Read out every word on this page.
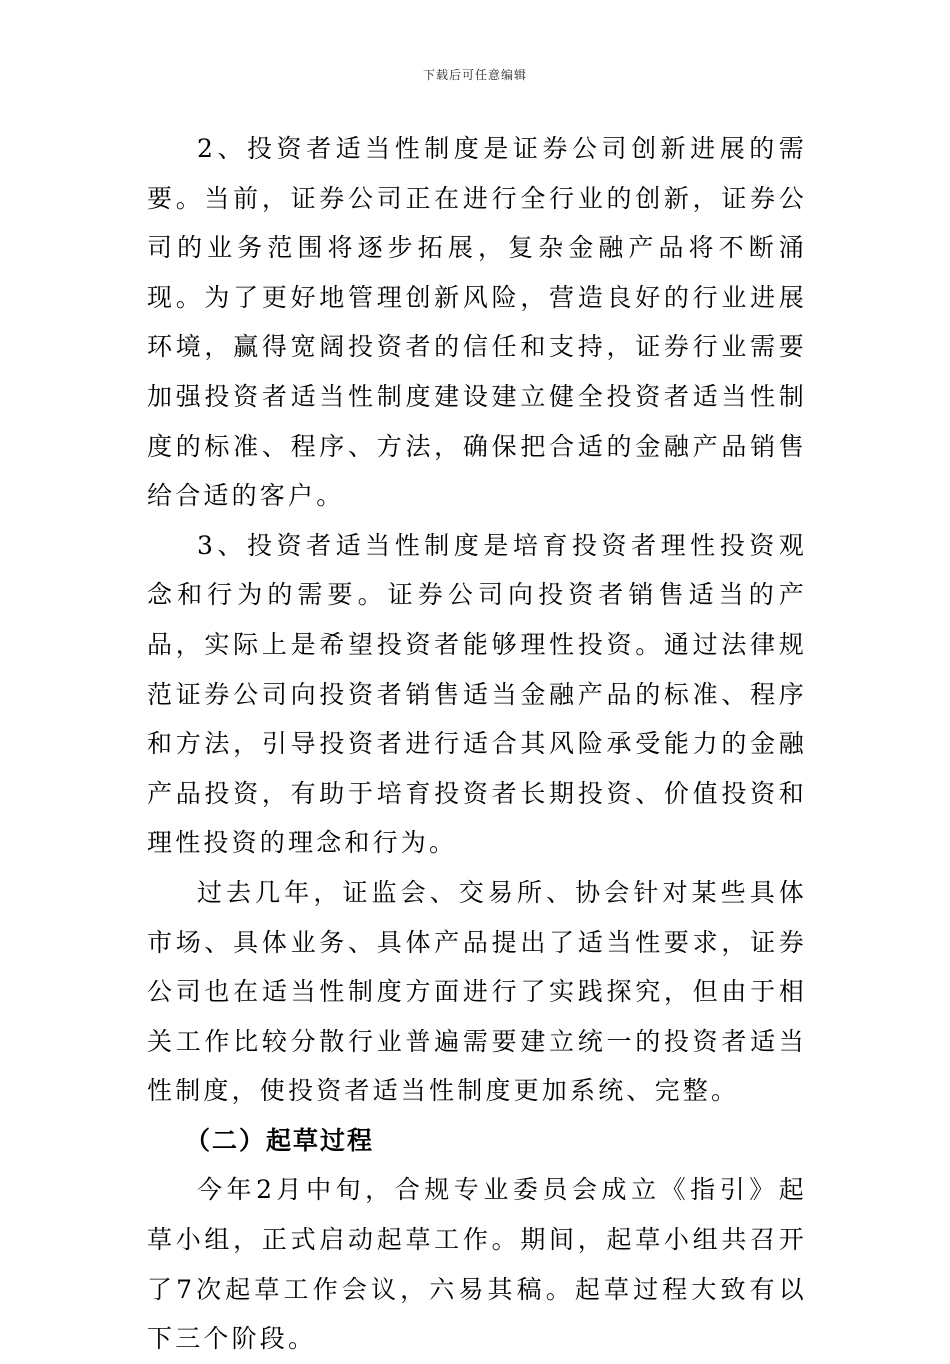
下载后可任意编辑

2、投资者适当性制度是证券公司创新进展的需要。当前，证券公司正在进行全行业的创新，证券公司的业务范围将逐步拓展，复杂金融产品将不断涌现。为了更好地管理创新风险，营造良好的行业进展环境，赢得宽阔投资者的信任和支持，证券行业需要加强投资者适当性制度建设建立健全投资者适当性制度的标准、程序、方法，确保把合适的金融产品销售给合适的客户。

3、投资者适当性制度是培育投资者理性投资观念和行为的需要。证券公司向投资者销售适当的产品，实际上是希望投资者能够理性投资。通过法律规范证券公司向投资者销售适当金融产品的标准、程序和方法，引导投资者进行适合其风险承受能力的金融产品投资，有助于培育投资者长期投资、价值投资和理性投资的理念和行为。

过去几年，证监会、交易所、协会针对某些具体市场、具体业务、具体产品提出了适当性要求，证券公司也在适当性制度方面进行了实践探究，但由于相关工作比较分散行业普遍需要建立统一的投资者适当性制度，使投资者适当性制度更加系统、完整。

（二）起草过程

今年2月中旬，合规专业委员会成立《指引》起草小组，正式启动起草工作。期间，起草小组共召开了7次起草工作会议，六易其稿。起草过程大致有以下三个阶段。
